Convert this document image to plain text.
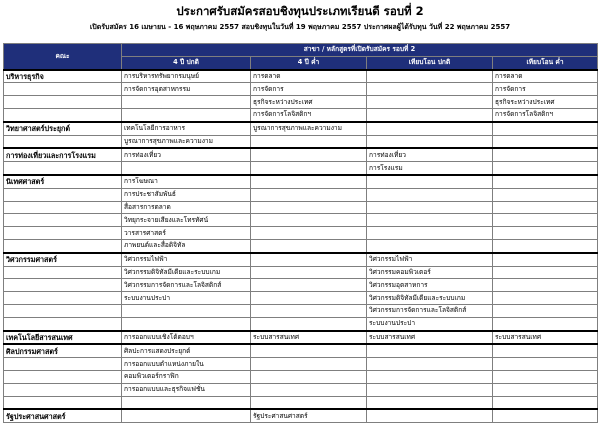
ประกาศรับสมัครสอบชิงทุนประเภทเรียนดี รอบที่ 2
เปิดรับสมัคร 16 เมษายน - 16 พฤษภาคม 2557 สอบชิงทุนในวันที่ 19 พฤษภาคม 2557 ประกาศผลผู้ได้รับทุน วันที่ 22 พฤษภาคม 2557
คณะ	สาขา / หลักสูตรที่เปิดรับสมัคร รอบที่ 2			
	4 ปี ปกติ	4 ปี ค่ำ	เทียบโอน ปกติ	เทียบโอน ค่ำ
บริหารธุรกิจ	การบริหารทรัพยากรมนุษย์	การตลาด		การตลาด
	การจัดการอุตสาหกรรม	การจัดการ		การจัดการ
		ธุรกิจระหว่างประเทศ		ธุรกิจระหว่างประเทศ
		การจัดการโลจิสติกฯ		การจัดการโลจิสติกฯ
วิทยาศาสตร์ประยุกต์	เทคโนโลยีการอาหาร	บูรณาการสุขภาพและความงาม		
	บูรณาการสุขภาพและความงาม			
การท่องเที่ยวและการโรงแรม	การท่องเที่ยว		การท่องเที่ยว	
			การโรงแรม	
นิเทศศาสตร์	การโฆษณา			
	การประชาสัมพันธ์			
	สื่อสารการตลาด			
	วิทยุกระจายเสียงและโทรทัศน์			
	วารสารศาสตร์			
	ภาพยนต์และสื่อดิจิทัล			
วิศวกรรมศาสตร์	วิศวกรรมไฟฟ้า		วิศวกรรมไฟฟ้า	
	วิศวกรรมดิจิทัลมีเดียและระบบเกม		วิศวกรรมคอมพิวเตอร์	
	วิศวกรรมการจัดการและโลจิสติกส์		วิศวกรรมอุตสาหการ	
	ระบบงานประปา		วิศวกรรมดิจิทัลมีเดียและระบบเกม	
			วิศวกรรมการจัดการและโลจิสติกส์	
			ระบบงานประปา	
เทคโนโลยีสารสนเทศ	การออกแบบเชิงโต้ตอบฯ	ระบบสารสนเทศ	ระบบสารสนเทศ	ระบบสารสนเทศ
ศิลปกรรมศาสตร์	ศิลปะการแสดงประยุกต์			
	การออกแบบตำแหน่งภายใน			
	คอมพิวเตอร์กราฟิก			
	การออกแบบและธุรกิจแฟชั่น			

รัฐประศาสนศาสตร์		รัฐประศาสนศาสตร์		
